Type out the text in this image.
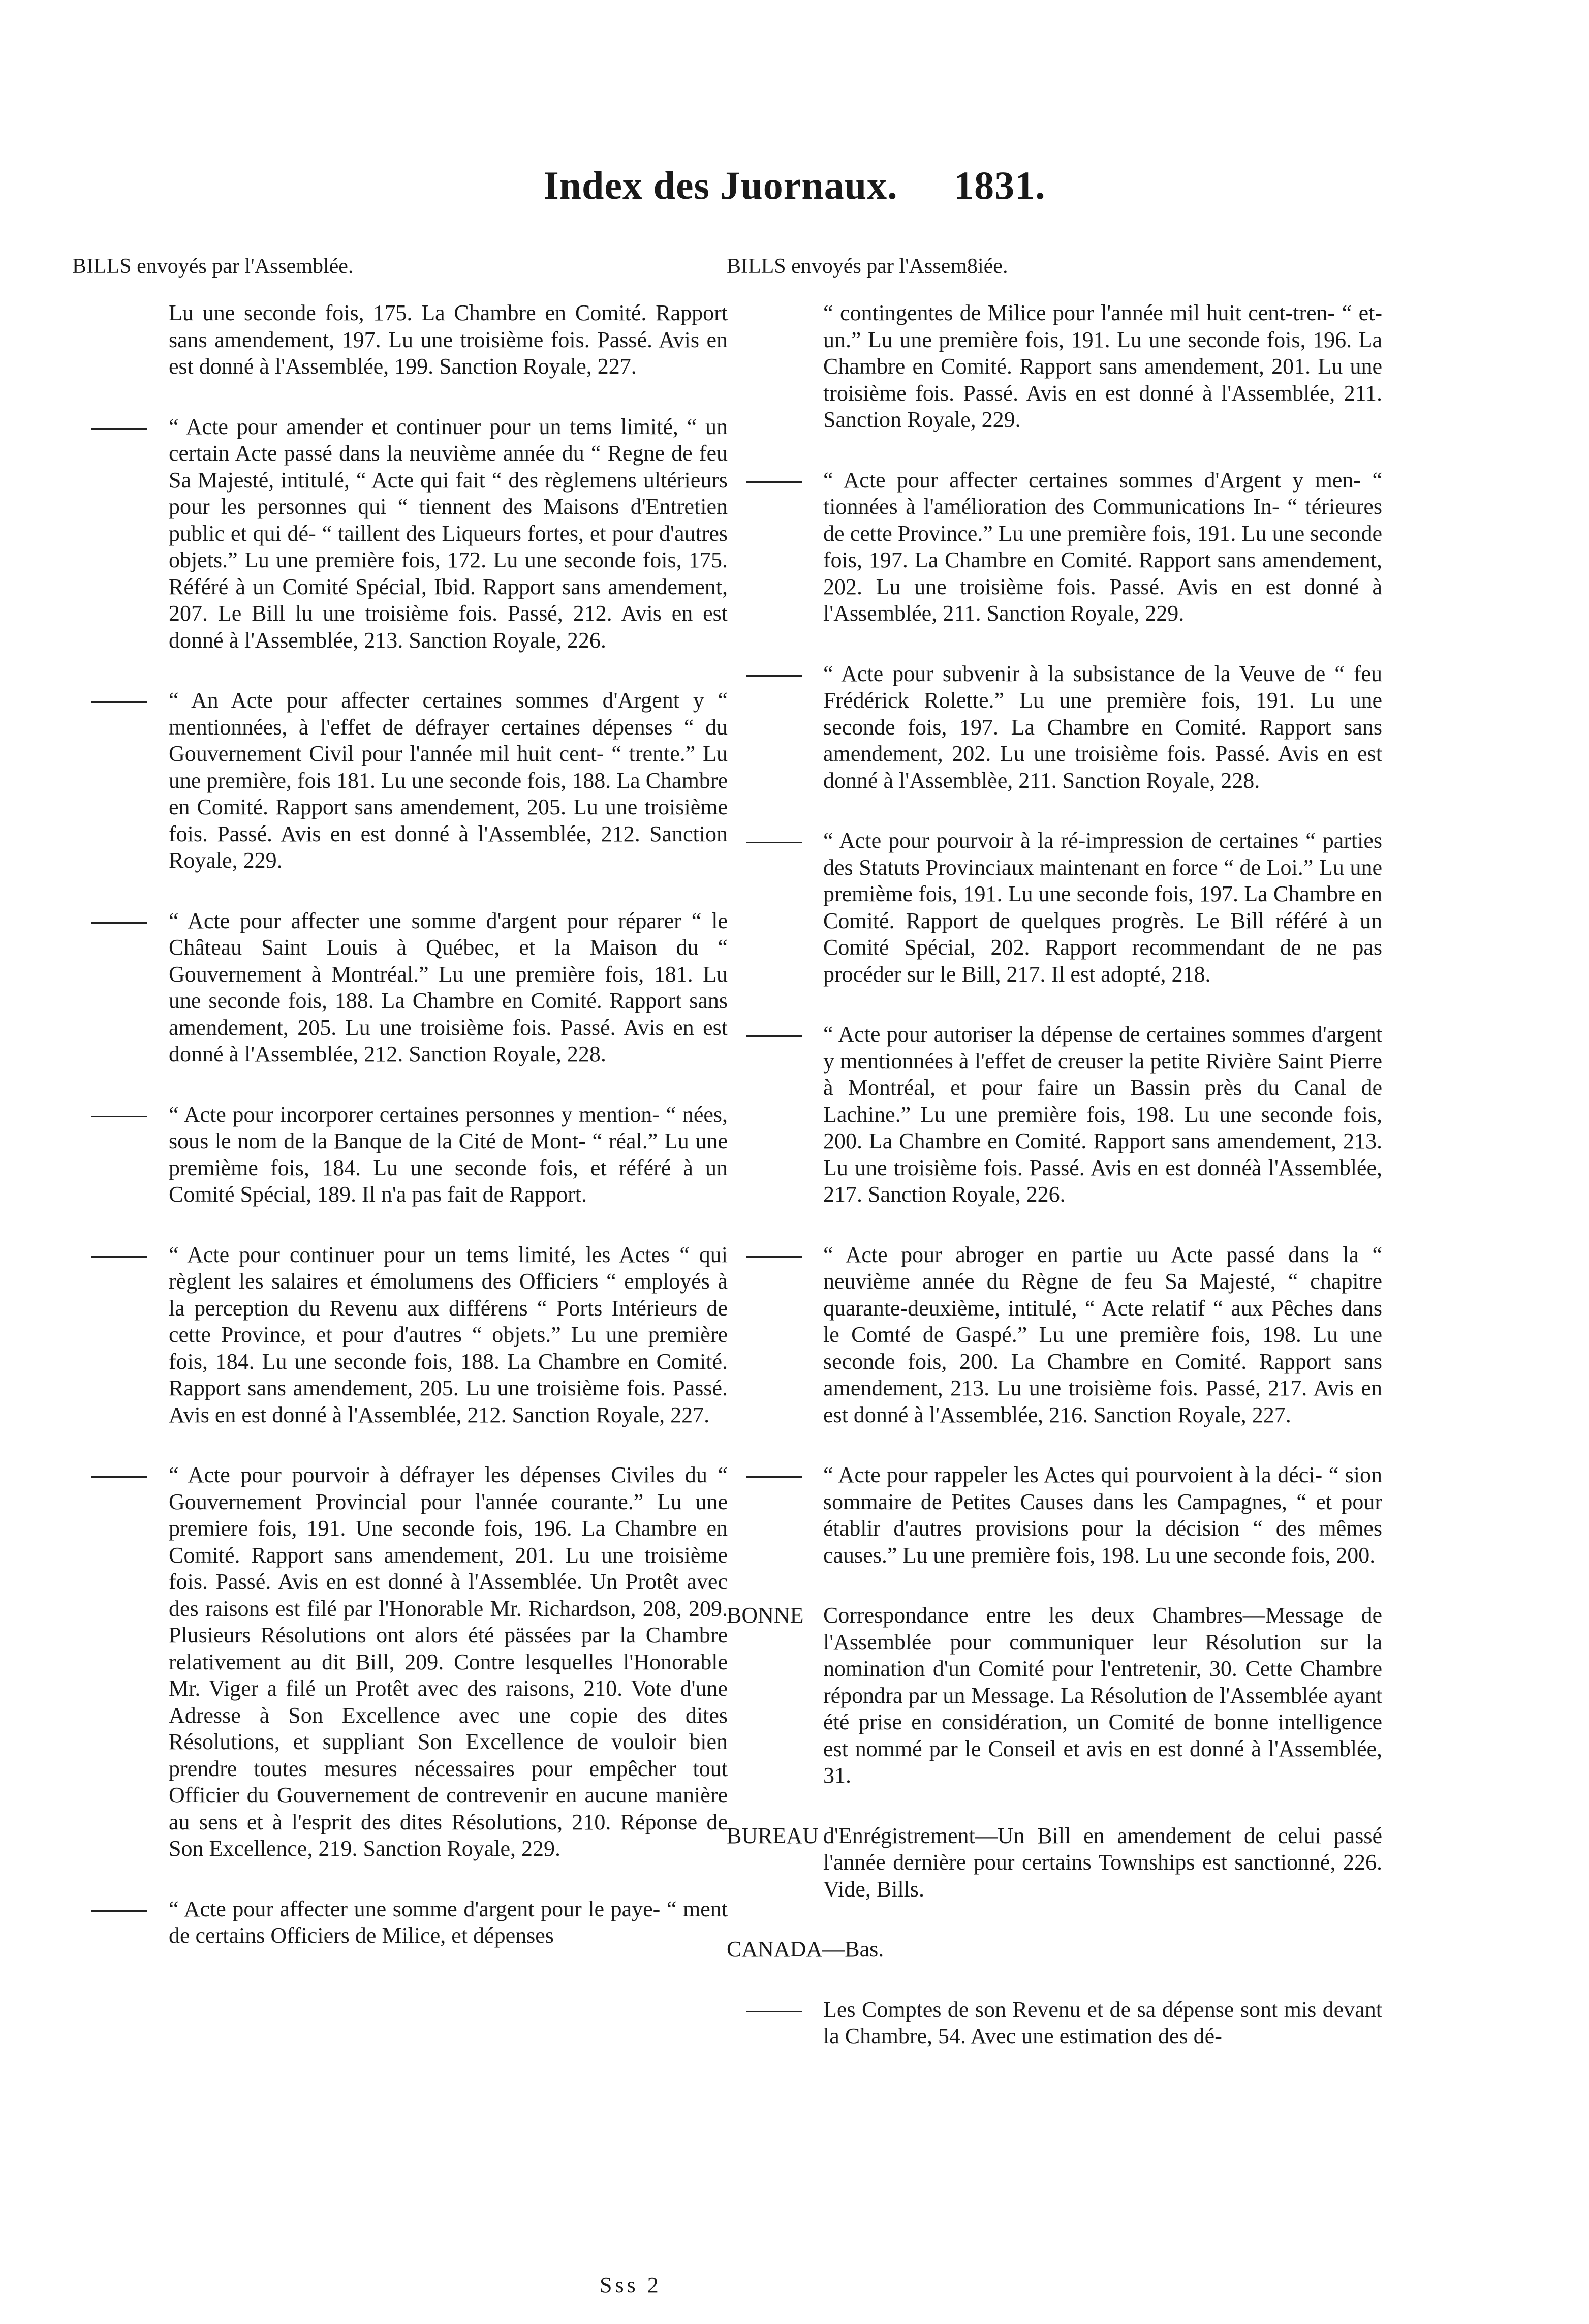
Index des Juornaux. 1831.
BILLS envoyés par l'Assemblée.	BILLS envoyés par l'Assem8iée.
Lu une seconde fois, 175. La Chambre en Comité. Rapport sans amendement, 197. Lu une troisième fois. Passé. Avis en est donné à l'Assemblée, 199. Sanction Royale, 227.
“ Acte pour amender et continuer pour un tems limité, “ un certain Acte passé dans la neuvième année du “ Regne de feu Sa Majesté, intitulé, “ Acte qui fait “ des règlemens ultérieurs pour les personnes qui “ tiennent des Maisons d'Entretien public et qui dé- “ taillent des Liqueurs fortes, et pour d'autres objets.” Lu une première fois, 172. Lu une seconde fois, 175. Référé à un Comité Spécial, Ibid. Rapport sans amendement, 207. Le Bill lu une troisième fois. Passé, 212. Avis en est donné à l'Assemblée, 213. Sanction Royale, 226.
“ An Acte pour affecter certaines sommes d'Argent y “ mentionnées, à l'effet de défrayer certaines dépenses “ du Gouvernement Civil pour l'année mil huit cent- “ trente.” Lu une première, fois 181. Lu une seconde fois, 188. La Chambre en Comité. Rapport sans amendement, 205. Lu une troisième fois. Passé. Avis en est donné à l'Assemblée, 212. Sanction Royale, 229.
“ Acte pour affecter une somme d'argent pour réparer “ le Château Saint Louis à Québec, et la Maison du “ Gouvernement à Montréal.” Lu une première fois, 181. Lu une seconde fois, 188. La Chambre en Comité. Rapport sans amendement, 205. Lu une troisième fois. Passé. Avis en est donné à l'Assemblée, 212. Sanction Royale, 228.
“ Acte pour incorporer certaines personnes y mention- “ nées, sous le nom de la Banque de la Cité de Mont- “ réal.” Lu une premième fois, 184. Lu une seconde fois, et référé à un Comité Spécial, 189. Il n'a pas fait de Rapport.
“ Acte pour continuer pour un tems limité, les Actes “ qui règlent les salaires et émolumens des Officiers “ employés à la perception du Revenu aux différens “ Ports Intérieurs de cette Province, et pour d'autres “ objets.” Lu une première fois, 184. Lu une seconde fois, 188. La Chambre en Comité. Rapport sans amendement, 205. Lu une troisième fois. Passé. Avis en est donné à l'Assemblée, 212. Sanction Royale, 227.
“ Acte pour pourvoir à défrayer les dépenses Civiles du “ Gouvernement Provincial pour l'année courante.” Lu une premiere fois, 191. Une seconde fois, 196. La Chambre en Comité. Rapport sans amendement, 201. Lu une troisième fois. Passé. Avis en est donné à l'Assemblée. Un Protêt avec des raisons est filé par l'Honorable Mr. Richardson, 208, 209. Plusieurs Résolutions ont alors été pässées par la Chambre relativement au dit Bill, 209. Contre lesquelles l'Honorable Mr. Viger a filé un Protêt avec des raisons, 210. Vote d'une Adresse à Son Excellence avec une copie des dites Résolutions, et suppliant Son Excellence de vouloir bien prendre toutes mesures nécessaires pour empêcher tout Officier du Gouvernement de contrevenir en aucune manière au sens et à l'esprit des dites Résolutions, 210. Réponse de Son Excellence, 219. Sanction Royale, 229.
“ Acte pour affecter une somme d'argent pour le paye- “ ment de certains Officiers de Milice, et dépenses
“ contingentes de Milice pour l'année mil huit cent-tren- “ et-un.” Lu une première fois, 191. Lu une seconde fois, 196. La Chambre en Comité. Rapport sans amendement, 201. Lu une troisième fois. Passé. Avis en est donné à l'Assemblée, 211. Sanction Royale, 229.
“ Acte pour affecter certaines sommes d'Argent y men- “ tionnées à l'amélioration des Communications In- “ térieures de cette Province.” Lu une première fois, 191. Lu une seconde fois, 197. La Chambre en Comité. Rapport sans amendement, 202. Lu une troisième fois. Passé. Avis en est donné à l'Assemblée, 211. Sanction Royale, 229.
“ Acte pour subvenir à la subsistance de la Veuve de “ feu Frédérick Rolette.” Lu une première fois, 191. Lu une seconde fois, 197. La Chambre en Comité. Rapport sans amendement, 202. Lu une troisième fois. Passé. Avis en est donné à l'Assemblèe, 211. Sanction Royale, 228.
“ Acte pour pourvoir à la ré-impression de certaines “ parties des Statuts Provinciaux maintenant en force “ de Loi.” Lu une premième fois, 191. Lu une seconde fois, 197. La Chambre en Comité. Rapport de quelques progrès. Le Bill référé à un Comité Spécial, 202. Rapport recommendant de ne pas procéder sur le Bill, 217. Il est adopté, 218.
“ Acte pour autoriser la dépense de certaines sommes d'argent y mentionnées à l'effet de creuser la petite Rivière Saint Pierre à Montréal, et pour faire un Bassin près du Canal de Lachine.” Lu une première fois, 198. Lu une seconde fois, 200. La Chambre en Comité. Rapport sans amendement, 213. Lu une troisième fois. Passé. Avis en est donnéà l'Assemblée, 217. Sanction Royale, 226.
“ Acte pour abroger en partie uu Acte passé dans la “ neuvième année du Règne de feu Sa Majesté, “ chapitre quarante-deuxième, intitulé, “ Acte relatif “ aux Pêches dans le Comté de Gaspé.” Lu une première fois, 198. Lu une seconde fois, 200. La Chambre en Comité. Rapport sans amendement, 213. Lu une troisième fois. Passé, 217. Avis en est donné à l'Assemblée, 216. Sanction Royale, 227.
“ Acte pour rappeler les Actes qui pourvoient à la déci- “ sion sommaire de Petites Causes dans les Campagnes, “ et pour établir d'autres provisions pour la décision “ des mêmes causes.” Lu une première fois, 198. Lu une seconde fois, 200.
BONNE Correspondance entre les deux Chambres—Message de l'Assemblée pour communiquer leur Résolution sur la nomination d'un Comité pour l'entretenir, 30. Cette Chambre répondra par un Message. La Résolution de l'Assemblée ayant été prise en considération, un Comité de bonne intelligence est nommé par le Conseil et avis en est donné à l'Assemblée, 31.
BUREAU d'Enrégistrement—Un Bill en amendement de celui passé l'année dernière pour certains Townships est sanctionné, 226. Vide, Bills.
CANADA—Bas.
Les Comptes de son Revenu et de sa dépense sont mis devant la Chambre, 54. Avec une estimation des dé-
Sss 2
